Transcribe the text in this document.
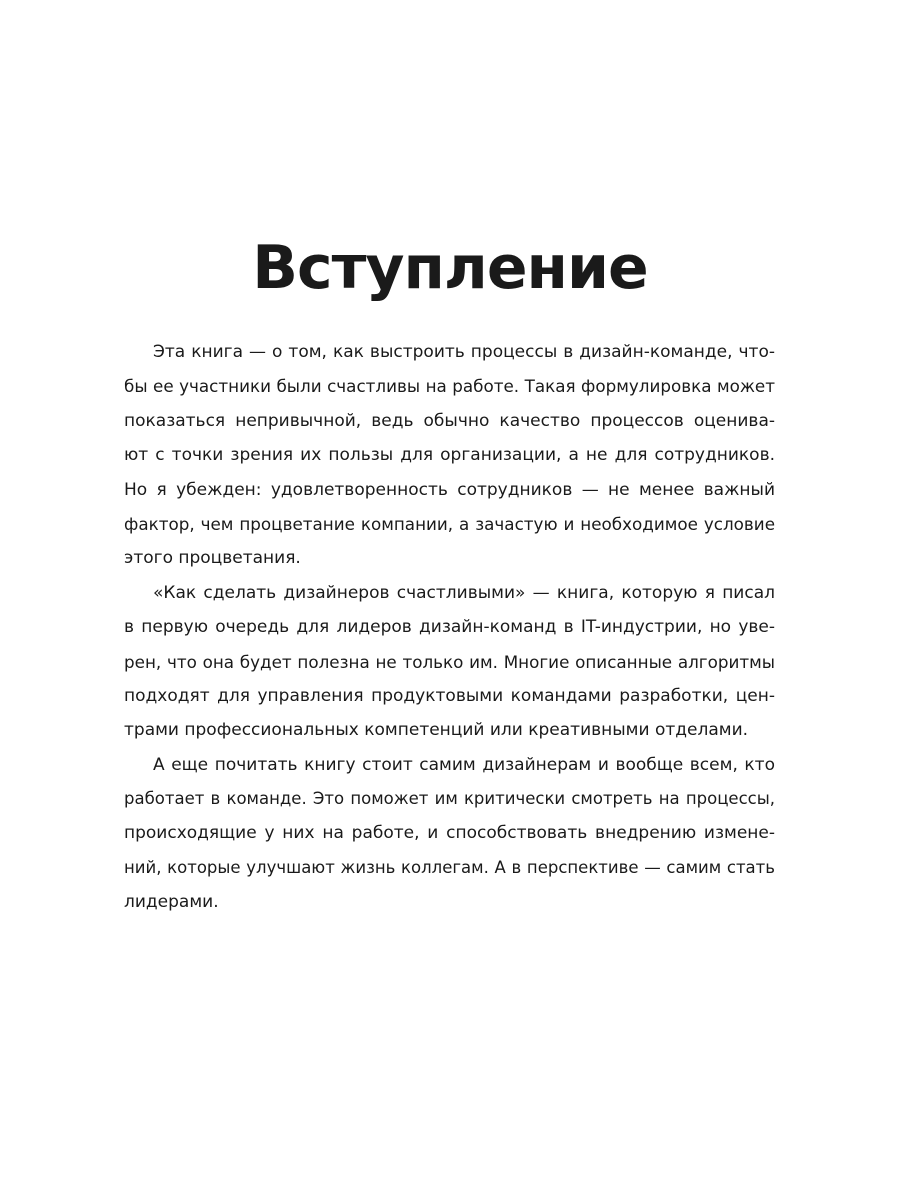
Вступление
Эта книга — о том, как выстроить процессы в дизайн-команде, что-
бы ее участники были счастливы на работе. Такая формулировка может
показаться непривычной, ведь обычно качество процессов оценива-
ют с точки зрения их пользы для организации, а не для сотрудников.
Но я убежден: удовлетворенность сотрудников — не менее важный
фактор, чем процветание компании, а зачастую и необходимое условие
этого процветания.
«Как сделать дизайнеров счастливыми» — книга, которую я писал
в первую очередь для лидеров дизайн-команд в IT-индустрии, но уве-
рен, что она будет полезна не только им. Многие описанные алгоритмы
подходят для управления продуктовыми командами разработки, цен-
трами профессиональных компетенций или креативными отделами.
А еще почитать книгу стоит самим дизайнерам и вообще всем, кто
работает в команде. Это поможет им критически смотреть на процессы,
происходящие у них на работе, и способствовать внедрению измене-
ний, которые улучшают жизнь коллегам. А в перспективе — самим стать
лидерами.
